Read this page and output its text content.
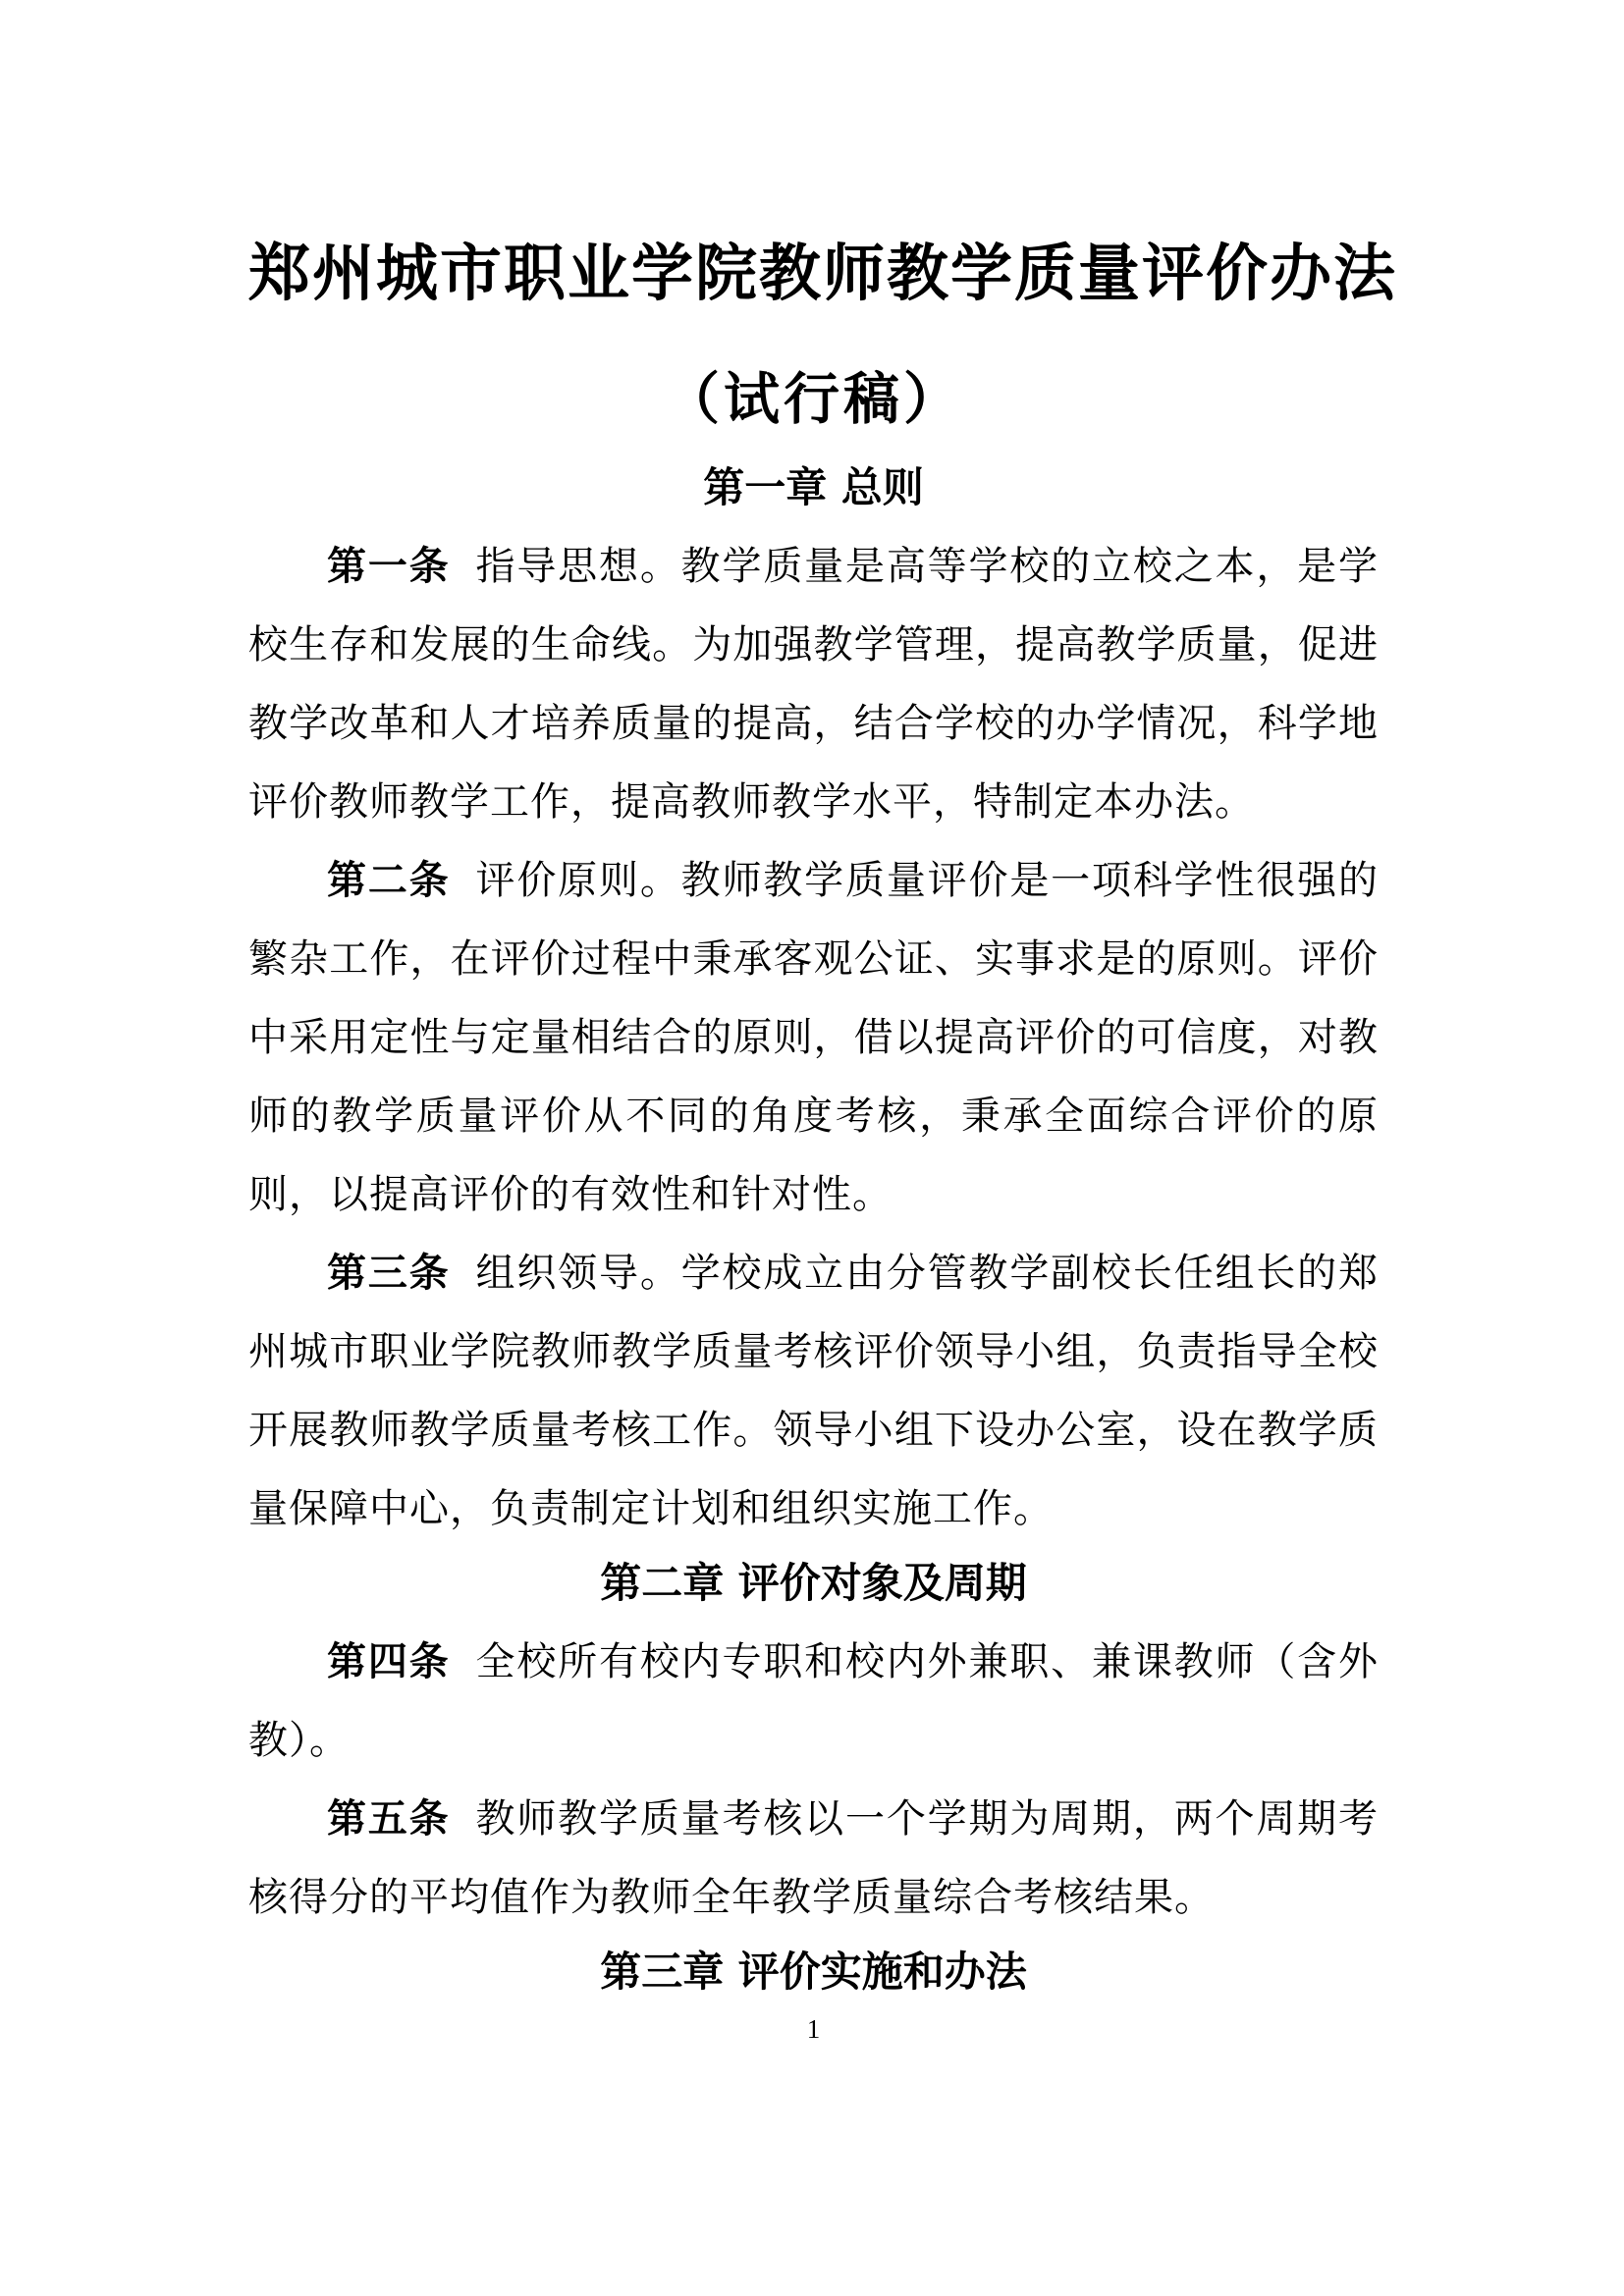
郑州城市职业学院教师教学质量评价办法
（试行稿）
第一章 总则

第一条 指导思想。教学质量是高等学校的立校之本，是学校生存和发展的生命线。为加强教学管理，提高教学质量，促进教学改革和人才培养质量的提高，结合学校的办学情况，科学地评价教师教学工作，提高教师教学水平，特制定本办法。

第二条 评价原则。教师教学质量评价是一项科学性很强的繁杂工作，在评价过程中秉承客观公证、实事求是的原则。评价中采用定性与定量相结合的原则，借以提高评价的可信度，对教师的教学质量评价从不同的角度考核，秉承全面综合评价的原则，以提高评价的有效性和针对性。

第三条 组织领导。学校成立由分管教学副校长任组长的郑州城市职业学院教师教学质量考核评价领导小组，负责指导全校开展教师教学质量考核工作。领导小组下设办公室，设在教学质量保障中心，负责制定计划和组织实施工作。

第二章 评价对象及周期

第四条 全校所有校内专职和校内外兼职、兼课教师（含外教）。

第五条 教师教学质量考核以一个学期为周期，两个周期考核得分的平均值作为教师全年教学质量综合考核结果。

第三章 评价实施和办法
1
